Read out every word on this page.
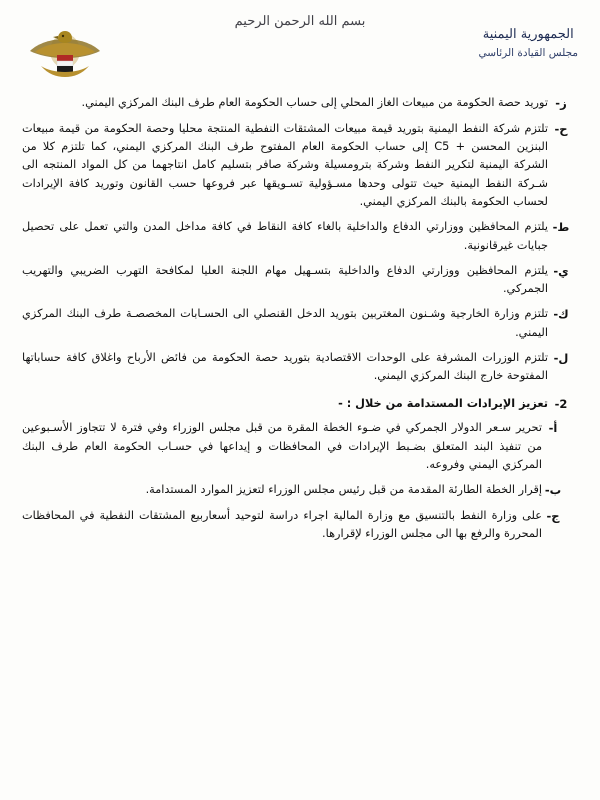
بسم الله الرحمن الرحيم
الجمهورية اليمنية
مجلس القيادة الرئاسي
ز-
توريد حصة الحكومة من مبيعات الغاز المحلي إلى حساب الحكومة العام طرف البنك المركزي اليمني.
ح-
تلتزم شركة النفط اليمنية بتوريد قيمة مبيعات المشتقات النفطية المنتجة محليا وحصة الحكومة من قيمة مبيعات البنزين المحسن + C5 إلى حساب الحكومة العام المفتوح طرف البنك المركزي اليمني، كما تلتزم كلا من الشركة اليمنية لتكرير النفط وشركة بترومسيلة وشركة صافر بتسليم كامل انتاجهما من كل المواد المنتجه الى شـركة النفط اليمنية حيث تتولى وحدها مسـؤولية تسـويقها عبر فروعها حسب القانون وتوريد كافة الإيرادات لحساب الحكومة بالبنك المركزي اليمني.
ط-
يلتزم المحافظين ووزارتي الدفاع والداخلية بالغاء كافة النقاط في كافة مداخل المدن والتي تعمل على تحصيل جبايات غيرقانونية.
ي-
يلتزم المحافظين ووزارتي الدفاع والداخلية بتسـهيل مهام اللجنة العليا لمكافحة التهرب الضريبي والتهريب الجمركي.
ك-
تلتزم وزارة الخارجية وشـنون المغتربين بتوريد الدخل القنصلي الى الحسـابات المخصصـة طرف البنك المركزي اليمني.
ل-
تلتزم الوزرات المشرفة على الوحدات الاقتصادية بتوريد حصة الحكومة من فائض الأرباح واغلاق كافة حساباتها المفتوحة خارج البنك المركزي اليمني.
2-
تعزيز الإيرادات المستدامة من خلال : -
أ-
تحرير سـعر الدولار الجمركي في ضـوء الخطة المقرة من قبل مجلس الوزراء وفي فترة لا تتجاوز الأسـبوعين من تنفيذ البند المتعلق بضـبط الإيرادات في المحافظات و إيداعها في حسـاب الحكومة العام طرف البنك المركزي اليمني وفروعه.
ب-
إقرار الخطة الطارئة المقدمة من قبل رئيس مجلس الوزراء لتعزيز الموارد المستدامة.
ج-
على وزارة النفط بالتنسيق مع وزارة المالية اجراء دراسة لتوحيد أسعاربيع المشتقات النفطية في المحافظات المحررة والرفع بها الى مجلس الوزراء لإقرارها.
